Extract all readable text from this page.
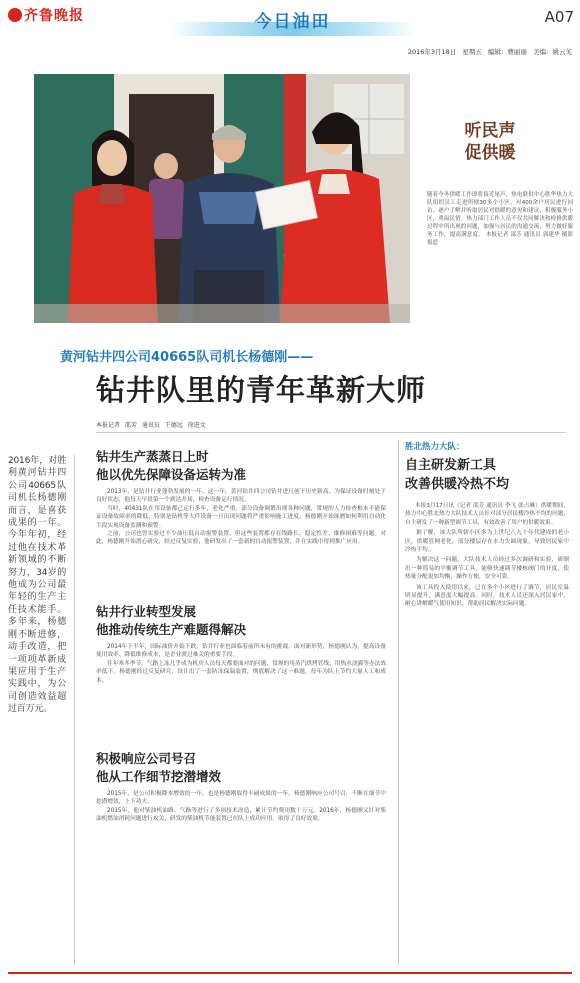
齐鲁晚报	今日油田	A07
2016年3月18日 星期五 编辑：曹丽丽 美编：姚云芙
听民声
促供暖
随着今冬供暖工作即将接近尾声，热电联供中心胜华热力大队组织员工走进所辖30多个小区，对400余户居民进行回访、逐户了解并听取居民对供暖的意见和建议，积极服务小区，重温民情。热力部门工作人员不仅共同解决和检修供暖过程中所出现的问题，加强与居民的沟通交流，努力做好服务工作，提高满意度。 本报记者 邵芳 通讯员 郭建华 摄影报道
黄河钻井四公司40665队司机长杨德刚——
钻井队里的青年革新大师
本报记者 邵芳 通讯员 王德远 徐进文
2016年，对胜利黄河钻井四公司40665队司机长杨德刚而言，是喜获成果的一年。今年年初，经过他在技术革新领域的不断努力，34岁的他成为公司最年轻的生产主任技术能手。多年来，杨德刚不断进修，动手改造，把一项项革新成果应用于生产实践中，为公司创造效益超过百万元。
钻井生产蒸蒸日上时
他以优先保障设备运转为准

2013年，是钻井行业蓬勃发展的一年，这一年，黄河钻井四公司钻井进尺创下历史新高，为保证设备时刻处于良好状态，他每天早晨第一个到达井场，检查设备运行情况。

当时，40431队在用设备都已运行多年，老化严重，部分设备频繁出现各种问题，常规的人力检查根本不能保证设备故障率的降低，特别是钻机等大件设备一旦出现问题将严重影响施工进度。杨德刚开始琢磨如何利用自动化手段实现设备监测和预警。

之前，公司也曾实验过不少油压低自动报警装置，但这些装置都存在线路长、稳定性差、维修困难等问题。对此，杨德刚开始潜心研究，经过反复实验，他研发出了一套新的自动报警装置，并在实践中得到推广应用。

钻井行业转型发展
他推动传统生产难题得解决

2014年下半年，国际油价开始下跌，钻井行业也面临着前所未有的挑战。面对新形势，杨德刚认为，提高设备使用效率、降低维修成本，是企业渡过难关的重要手段。

往年寒冬季节，气路上冻几乎成为机房人员每天都要面对的问题，常规的用蒸汽烘烤管线、用热水浇灌等办法效率低下。杨德刚经过反复研究，设计出了一套防冻保温装置，彻底解决了这一难题，每年为队上节约大量人工和成本。

积极响应公司号召
他从工作细节挖潜增效

2015年，是公司积极降本增效的一年，也是杨德刚取得丰硕成果的一年。杨德刚响应公司号召，不断在细节中挖潜增效，上下功夫。

2015年，他对柴油机油路、气路等进行了多项技术改造，累计节约费用数十万元。2016年，杨德刚又针对柴油机燃油消耗问题进行攻关，研发的柴油机节能装置已在队上成功应用，取得了良好效果。

胜北热力大队：
自主研发新工具
改善供暖冷热不均

本报3月17日讯（记者 邵芳 通讯员 李飞 张占琳）供暖期间，热力中心胜北热力大队技术人员针对部分居民楼冷热不均的问题，自主研发了一种新型调节工具，有效改善了用户的供暖效果。

据了解，该大队所辖小区多为上世纪八九十年代建成的老小区，供暖管网老化，部分楼层存在水力失调现象，导致居民家中冷热不均。

为解决这一问题，大队技术人员经过多次调研和实验，研制出一种简易的平衡调节工具，能够快速调节楼栋阀门的开度，使热量分配更加均衡，操作方便，安全可靠。

该工具投入使用以来，已在多个小区进行了调节，居民室温明显提升，满意度大幅提高。同时，技术人员还深入居民家中，耐心讲解暖气使用知识，帮助居民解决实际问题。
